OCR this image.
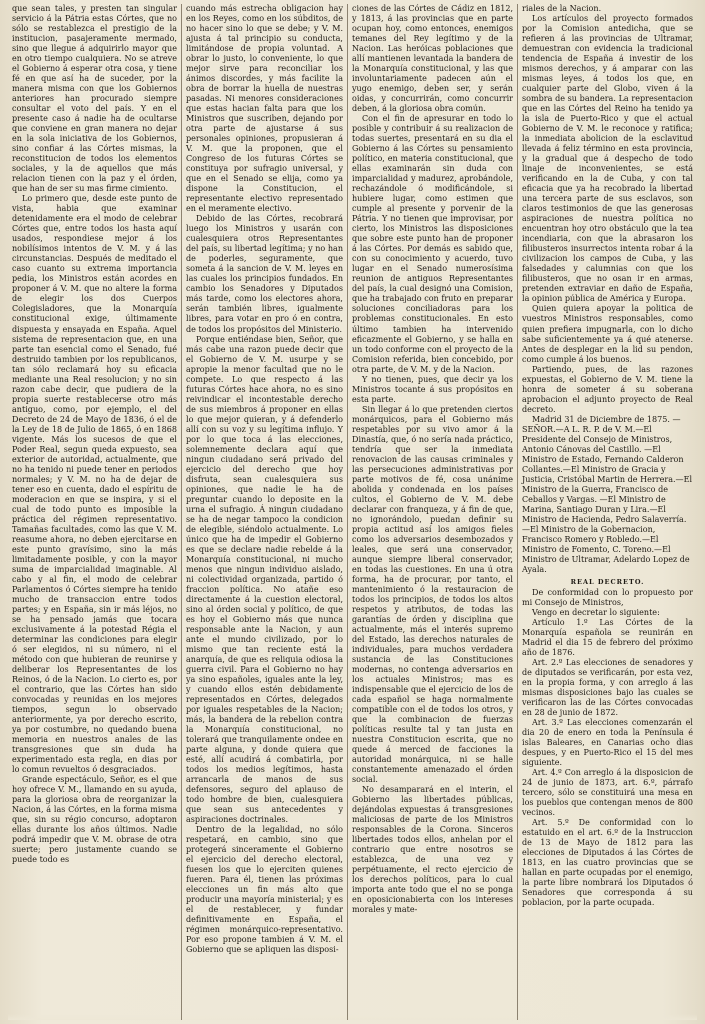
que sean tales, y presten tan singular servicio á la Pátria estas Córtes, que no sólo se restablezca el prestigio de la institucion, pasajeramente mermado, sino que llegue á adquirirlo mayor que en otro tiempo cualquiera. No se atreve el Gobierno á esperar otra cosa, y tiene fé en que así ha de suceder, por la manera misma con que los Gobiernos anteriores han procurado siempre consultar el voto del país. Y en el presente caso á nadie ha de ocultarse que conviene en gran manera no dejar en la sola iniciativa de los Gobiernos, sino confiar á las Córtes mismas, la reconstitucion de todos los elementos sociales, y la de aquellos que más relacion tienen con la paz y el órden, que han de ser su mas firme cimiento.

Lo primero que, desde este punto de vista, habia que examinar detenidamente era el modo de celebrar Córtes que, entre todos los hasta aquí usados, respondiese mejor á los nobilísimos intentos de V. M. y á las circunstancias. Después de meditado el caso cuanto su extrema importancia pedia, los Ministros están acordes en proponer á V. M. que no altere la forma de elegir los dos Cuerpos Colegisladores, que la Monarquía constitucional exige, últimamente dispuesta y ensayada en España. Aquel sistema de representacion que, en una parte tan esencial como el Senado, fué destruido tambien por los republicanos, tan sólo reclamará hoy su eficacia mediante una Real resolucion; y no sin razon cabe decir, que pudiera de la propia suerte restablecerse otro más antiguo, como, por ejemplo, el del Decreto de 24 de Mayo de 1836, ó el de la Ley de 18 de Julio de 1865, ó en 1868 vigente. Más los sucesos de que el Poder Real, segun queda expuesto, sea exterior de autoridad, actualmente, que no ha tenido ni puede tener en periodos normales; y V. M. no ha de dejar de tener eso en cuenta, dado el espíritu de moderacion en que se inspira, y si el cual de todo punto es imposible la práctica del régimen representativo. Tamañas facultades, como las que V. M. reasume ahora, no deben ejercitarse en este punto gravísimo, sino la más limitadamente posible, y con la mayor suma de imparcialidad imaginable. Al cabo y al fin, el modo de celebrar Parlamentos ó Córtes siempre ha tenido mucho de transaccion entre todos partes; y en España, sin ir más léjos, no se ha pensado jamás que tocara exclusivamente á la potestad Régia el determinar las condiciones para elegir ó ser elegidos, ni su número, ni el método con que hubieran de reunirse y deliberar los Representantes de los Reinos, ó de la Nacion. Lo cierto es, por el contrario, que las Córtes han sido convocadas y reunidas en los mejores tiempos, segun lo observado anteriormente, ya por derecho escrito, ya por costumbre, no quedando buena memoria en nuestros anales de las transgresiones que sin duda ha experimentado esta regla, en dias por lo comun revueltos ó desgraciados.

Grande espectáculo, Señor, es el que hoy ofrece V. M., llamando en su ayuda, para la gloriosa obra de reorganizar la Nacion, á las Córtes, en la forma misma que, sin su régio concurso, adoptaron ellas durante los años últimos. Nadie podrá impedir que V. M. obrase de otra suerte; pero justamente cuando se puede todo es

cuando más estrecha obligacion hay en los Reyes, como en los súbditos, de no hacer sino lo que se debe; y V. M. ajusta á tal principio su conducta, limitándose de propia voluntad. A obrar lo justo, lo conveniente, lo que mejor sirve para reconciliar los ánimos discordes, y más facilite la obra de borrar la huella de nuestras pasadas. Ni menores consideraciones que estas hacian falta para que los Ministros que suscriben, dejando por otra parte de ajustarse á sus personales opiniones, propusieran á V. M. que la proponen, que el Congreso de los futuras Córtes se constituya por sufragio universal, y que en el Senado se elija, como ya dispone la Constitucion, el representante electivo representado en el meramente electivo.

Debido de las Córtes, recobrará luego los Ministros y usarán con cualesquiera otros Representantes del país, su libertad legítima; y no han de poderles, seguramente, que someta á la sancion de V. M. leyes en las cuales los principios fundados. En cambio los Senadores y Diputados más tarde, como los electores ahora, serán también libres, igualmente libres, para votar en pro ó en contra, de todos los propósitos del Ministerio.

Porque entiéndase bien, Señor, que más cabe una razon puede decir que el Gobierno de V. M. usurpe y se apropie la menor facultad que no le compete. Lo que respecto á las futuras Córtes hace ahora, no es sino reivindicar el incontestable derecho de sus miembros á proponer en ellas lo que mejor quieran, y á defenderlo allí con su voz y su legítima influjo. Y por lo que toca á las elecciones, solemnemente declara aquí que ningun ciudadano será privado del ejercicio del derecho que hoy disfruta, sean cualesquiera sus opiniones, que nadie le ha de preguntar cuando lo deposite en la urna el sufragio. Á ningun ciudadano se ha de negar tampoco la condicion de elegible, siéndolo actualmente. Lo único que ha de impedir el Gobierno es que se declare nadie rebelde á la Monarquía constitucional, ni mucho menos que ningun individuo aislado, ni colectividad organizada, partido ó fraccion política. No atañe eso directamente á la cuestion electoral, sino al órden social y político, de que es hoy el Gobierno más que nunca responsable ante la Nacion, y aun ante el mundo civilizado, por lo mismo que tan reciente está la anarquía, de que es reliquia odiosa la guerra civil. Para el Gobierno no hay ya sino españoles, iguales ante la ley, y cuando ellos estén debidamente representados en Córtes, delegados por iguales respetables de la Nacion; más, la bandera de la rebelion contra la Monarquía constitucional, no tolerará que tranquilamente ondee en parte alguna, y donde quiera que esté, allí acudirá á combatirla, por todos los medios legítimos, hasta arrancarla de manos de sus defensores, seguro del aplauso de todo hombre de bien, cualesquiera que sean sus antecedentes y aspiraciones doctrinales.

Dentro de la legalidad, no sólo respetará, en cambio, sino que protegerá sinceramente el Gobierno el ejercicio del derecho electoral, fuesen los que lo ejerciten quienes fueren. Para él, tienen las próximas elecciones un fin más alto que producir una mayoría ministerial; y es el de restablecer, y fundar definitivamente en España, el régimen monárquico-representativo. Por eso propone tambien á V. M. el Gobierno que se apliquen las disposi-

ciones de las Córtes de Cádiz en 1812, y 1813, á las provincias que en parte ocupan hoy, como entonces, enemigos temanes del Rey legítimo y de la Nacion. Las heróicas poblaciones que allí mantienen levantada la bandera de la Monarquía constitucional, y las que involuntariamente padecen aún el yugo enemigo, deben ser, y serán oidas, y concurrirán, como concurrir deben, á la gloriosa obra común.

Con el fin de apresurar en todo lo posible y contribuir á su realizacion de todas suertes, presentará en su dia el Gobierno á las Córtes su pensamiento político, en materia constitucional, que ellas examinarán sin duda con imparcialidad y madurez, aprobándole, rechazándole ó modificándole, si hubiere lugar, como estimen que cumple al presente y porvenir de la Pátria. Y no tienen que improvisar, por cierto, los Ministros las disposiciones que sobre este punto han de proponer á las Córtes. Por demás es sabido que, con su conocimiento y acuerdo, tuvo lugar en el Senado numerosísima reunion de antiguos Representantes del país, la cual designó una Comision, que ha trabajado con fruto en preparar soluciones conciliadoras para los problemas constitucionales. En esto último tambien ha intervenido eficazmente el Gobierno, y se halla en un todo conforme con el proyecto de la Comision referida, bien concebido, por otra parte, de V. M. y de la Nacion.

Y no tienen, pues, que decir ya los Ministros tocante á sus propósitos en esta parte.

Sin llegar á lo que pretenden ciertos monárquicos, para el Gobierno más respetables por su vivo amor á la Dinastía, que, ó no sería nada práctico, tendría que ser la inmediata renovacion de las causas criminales y las persecuciones administrativas por parte motivos de fé, cosa unánime abolida y condenada en los países cultos, el Gobierno de V. M. debe declarar con franqueza, y á fin de que, no ignorándolo, puedan definir su propia actitud así los amigos fieles como los adversarios desembozados y leales, que será una conservador, aunque siempre liberal conservador, en todas las cuestiones. En una ú otra forma, ha de procurar, por tanto, el mantenimiento ó la restauracion de todos los principios, de todos los altos respetos y atributos, de todas las garantías de órden y disciplina que actualmente, más el interés supremo del Estado, las derechos naturales de individuales, para muchos verdadera sustancia de las Constituciones modernas, no contenga adversarios en los actuales Ministros; mas es indispensable que el ejercicio de los de cada español se haga normalmente compatible con el de todos los otros, y que la combinacion de fuerzas políticas resulte tal y tan justa en nuestra Constitucion escrita, que no quede á merced de facciones la autoridad monárquica, ni se halle constantemente amenazado el órden social.

No desamparará en el interin, el Gobierno las libertades públicas, dejándolas expuestas á transgresiones maliciosas de parte de los Ministros responsables de la Corona. Sinceros libertades todos ellos, anhelan por el contrario que entre nosotros se establezca, de una vez y perpétuamente, el recto ejercicio de los derechos políticos, para lo cual importa ante todo que el no se ponga en oposicionabierta con los intereses morales y mate-

riales de la Nacion.

Los artículos del proyecto formados por la Comision antedicha, que se refieren á las provincias de Ultramar, demuestran con evidencia la tradicional tendencia de España á investir de los mismos derechos, y á amparar con las mismas leyes, á todos los que, en cualquier parte del Globo, viven á la sombra de su bandera. La representacion que en las Córtes del Reino ha tenido ya la isla de Puerto-Rico y que el actual Gobierno de V. M. le reconoce y ratifica; la inmediata abolicion de la esclavitud llevada á feliz término en esta provincia, y la gradual que á despecho de todo linaje de inconvenientes, se está verificando en la de Cuba, y con tal eficacia que ya ha recobrado la libertad una tercera parte de sus esclavos, son claros testimonios de que las generosas aspiraciones de nuestra política no encuentran hoy otro obstáculo que la tea incendiaria, con que la abrasaron los filibusteros insurrectos intenta robar á la civilizacion los campos de Cuba, y las falsedades y calumnias con que los filibusteros, que no osan ir en armas, pretenden extraviar en daño de España, la opinion pública de América y Europa.

Quien quiera apoyar la politica de vuestros Ministros responsables, como quien prefiera impugnarla, con lo dicho sabe suficientemente ya á qué atenerse. Antes de desplegar en la lid su pendon, como cumple á los buenos.

Partiendo, pues, de las razones expuestas, el Gobierno de V. M. tiene la honra de someter á su soberana aprobacion el adjunto proyecto de Real decreto.

Madrid 31 de Diciembre de 1875. —SEÑOR.—A L. R. P. de V. M.—El Presidente del Consejo de Ministros, Antonio Cánovas del Castillo. —El Ministro de Estado, Fernando Calderon Collantes.—El Ministro de Gracia y Justicia, Cristóbal Martin de Herrera.—El Ministro de la Guerra, Francisco de Ceballos y Vargas. —El Ministro de Marina, Santiago Duran y Lira.—El Ministro de Hacienda, Pedro Salaverría.—El Ministro de la Gobernacion, Francisco Romero y Robledo.—El Ministro de Fomento, C. Toreno.—El Ministro de Ultramar, Adelardo Lopez de Ayala.

REAL DECRETO.

De conformidad con lo propuesto por mi Consejo de Ministros,

Vengo en decretar lo siguiente:

Artículo 1.º Las Córtes de la Monarquía española se reunirán en Madrid el dia 15 de febrero del próximo año de 1876.

Art. 2.º Las elecciones de senadores y de diputados se verificarán, por esta vez, en la propia forma, y con arreglo á las mismas disposiciones bajo las cuales se verificaron las de las Córtes convocadas en 28 de junio de 1872.

Art. 3.º Las elecciones comenzarán el dia 20 de enero en toda la Península é islas Baleares, en Canarias ocho dias despues, y en Puerto-Rico el 15 del mes siguiente.

Art. 4.º Con arreglo á la disposicion de 24 de junio de 1873, art. 6.º, párrafo tercero, sólo se constituirá una mesa en los pueblos que contengan menos de 800 vecinos.

Art. 5.º De conformidad con lo estatuido en el art. 6.º de la Instruccion de 13 de Mayo de 1812 para las elecciones de Diputados á las Córtes de 1813, en las cuatro provincias que se hallan en parte ocupadas por el enemigo, la parte libre nombrará los Diputados ó Senadores que corresponda á su poblacion, por la parte ocupada.
